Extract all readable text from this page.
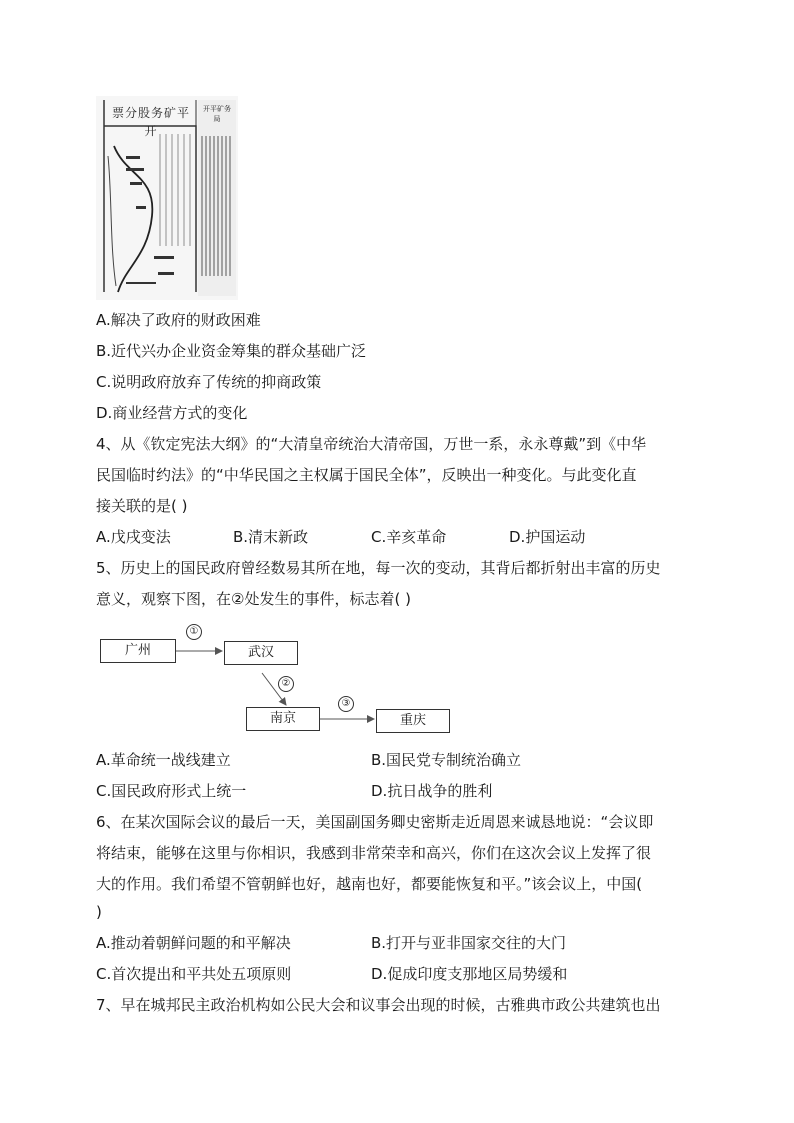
票分股务矿平开
开平矿务局
A.解决了政府的财政困难
B.近代兴办企业资金筹集的群众基础广泛
C.说明政府放弃了传统的抑商政策
D.商业经营方式的变化
4、从《钦定宪法大纲》的“大清皇帝统治大清帝国，万世一系，永永尊戴”到《中华
民国临时约法》的“中华民国之主权属于国民全体”，反映出一种变化。与此变化直
接关联的是( )
A.戊戌变法	B.清末新政	C.辛亥革命	D.护国运动
5、历史上的国民政府曾经数易其所在地，每一次的变动，其背后都折射出丰富的历史
意义，观察下图，在②处发生的事件，标志着( )
广州	武汉
南京	重庆
①
②
③
A.革命统一战线建立	B.国民党专制统治确立
C.国民政府形式上统一	D.抗日战争的胜利
6、在某次国际会议的最后一天，美国副国务卿史密斯走近周恩来诚恳地说：“会议即
将结束，能够在这里与你相识，我感到非常荣幸和高兴，你们在这次会议上发挥了很
大的作用。我们希望不管朝鲜也好，越南也好，都要能恢复和平。”该会议上，中国(
)
A.推动着朝鲜问题的和平解决	B.打开与亚非国家交往的大门
C.首次提出和平共处五项原则	D.促成印度支那地区局势缓和
7、早在城邦民主政治机构如公民大会和议事会出现的时候，古雅典市政公共建筑也出
